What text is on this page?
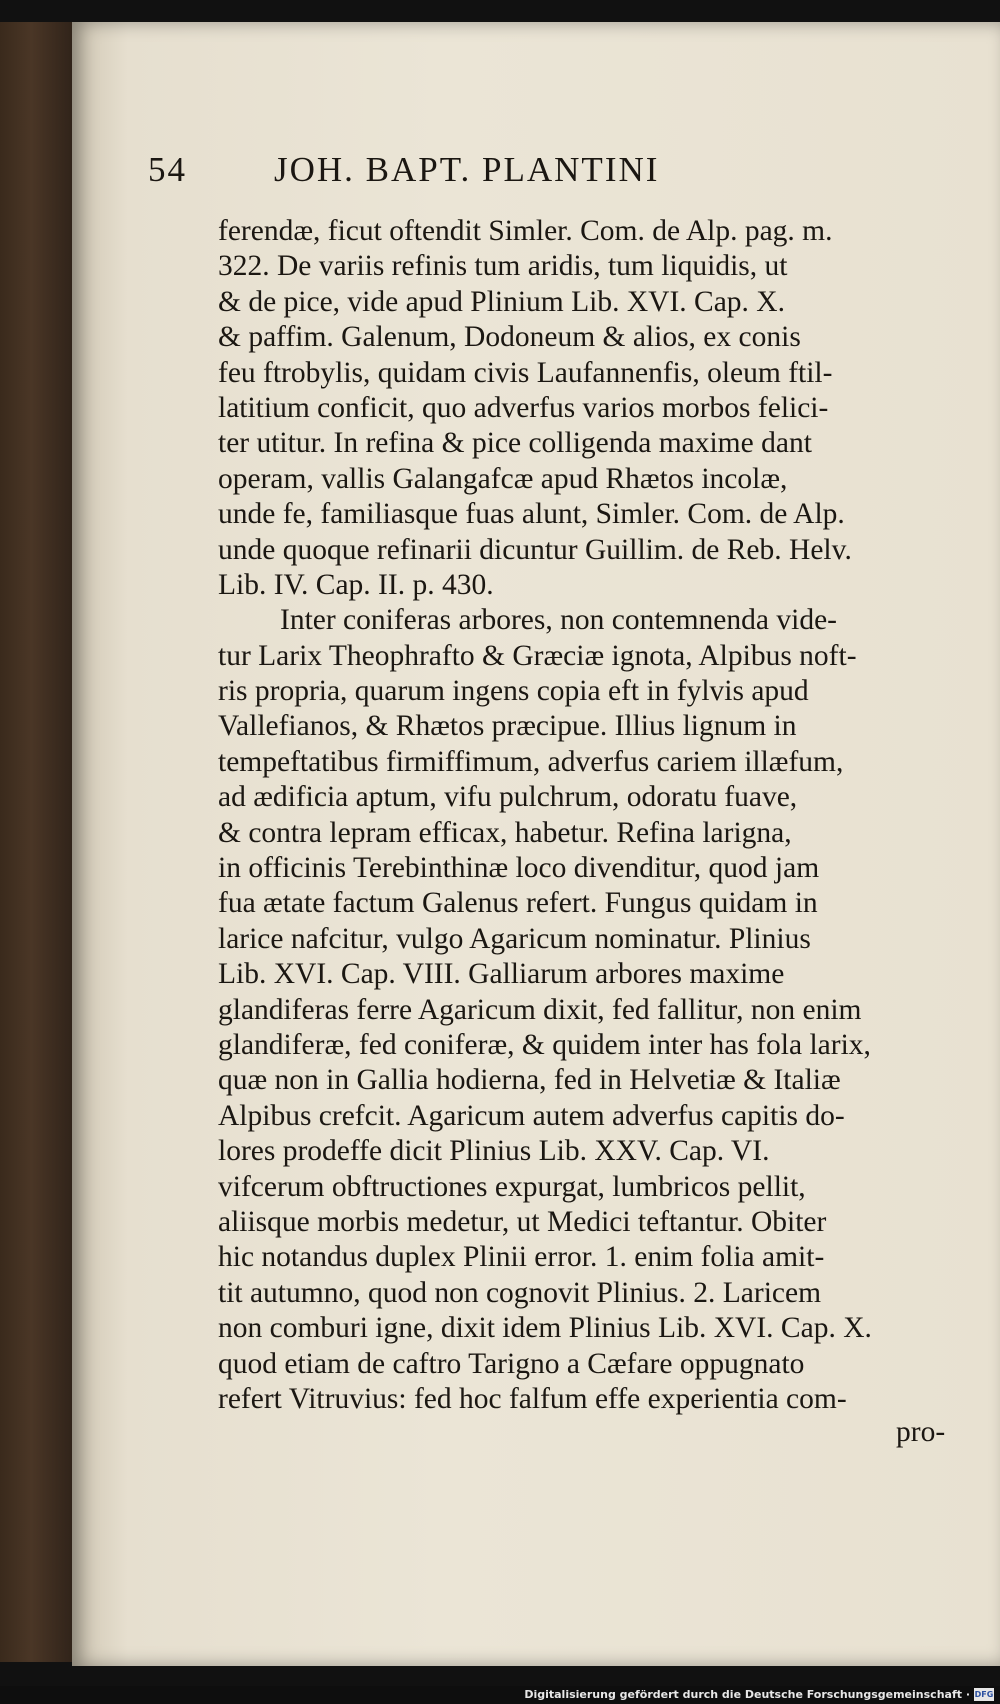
54 JOH. BAPT. PLANTINI
ferendæ, ficut oftendit Simler. Com. de Alp. pag. m.
322. De variis refinis tum aridis, tum liquidis, ut
& de pice, vide apud Plinium Lib. XVI. Cap. X.
& paffim. Galenum, Dodoneum & alios, ex conis
feu ftrobylis, quidam civis Laufannenfis, oleum ftil-
latitium conficit, quo adverfus varios morbos felici-
ter utitur. In refina & pice colligenda maxime dant
operam, vallis Galangafcæ apud Rhætos incolæ,
unde fe, familiasque fuas alunt, Simler. Com. de Alp.
unde quoque refinarii dicuntur Guillim. de Reb. Helv.
Lib. IV. Cap. II. p. 430.
Inter coniferas arbores, non contemnenda vide-
tur Larix Theophrafto & Græciæ ignota, Alpibus noft-
ris propria, quarum ingens copia eft in fylvis apud
Vallefianos, & Rhætos præcipue. Illius lignum in
tempeftatibus firmiffimum, adverfus cariem illæfum,
ad ædificia aptum, vifu pulchrum, odoratu fuave,
& contra lepram efficax, habetur. Refina larigna,
in officinis Terebinthinæ loco divenditur, quod jam
fua ætate factum Galenus refert. Fungus quidam in
larice nafcitur, vulgo Agaricum nominatur. Plinius
Lib. XVI. Cap. VIII. Galliarum arbores maxime
glandiferas ferre Agaricum dixit, fed fallitur, non enim
glandiferæ, fed coniferæ, & quidem inter has fola larix,
quæ non in Gallia hodierna, fed in Helvetiæ & Italiæ
Alpibus crefcit. Agaricum autem adverfus capitis do-
lores prodeffe dicit Plinius Lib. XXV. Cap. VI.
vifcerum obftructiones expurgat, lumbricos pellit,
aliisque morbis medetur, ut Medici teftantur. Obiter
hic notandus duplex Plinii error. 1. enim folia amit-
tit autumno, quod non cognovit Plinius. 2. Laricem
non comburi igne, dixit idem Plinius Lib. XVI. Cap. X.
quod etiam de caftro Tarigno a Cæfare oppugnato
refert Vitruvius: fed hoc falfum effe experientia com-
pro-
Digitalisierung gefördert durch die Deutsche Forschungsgemeinschaft · DFG
